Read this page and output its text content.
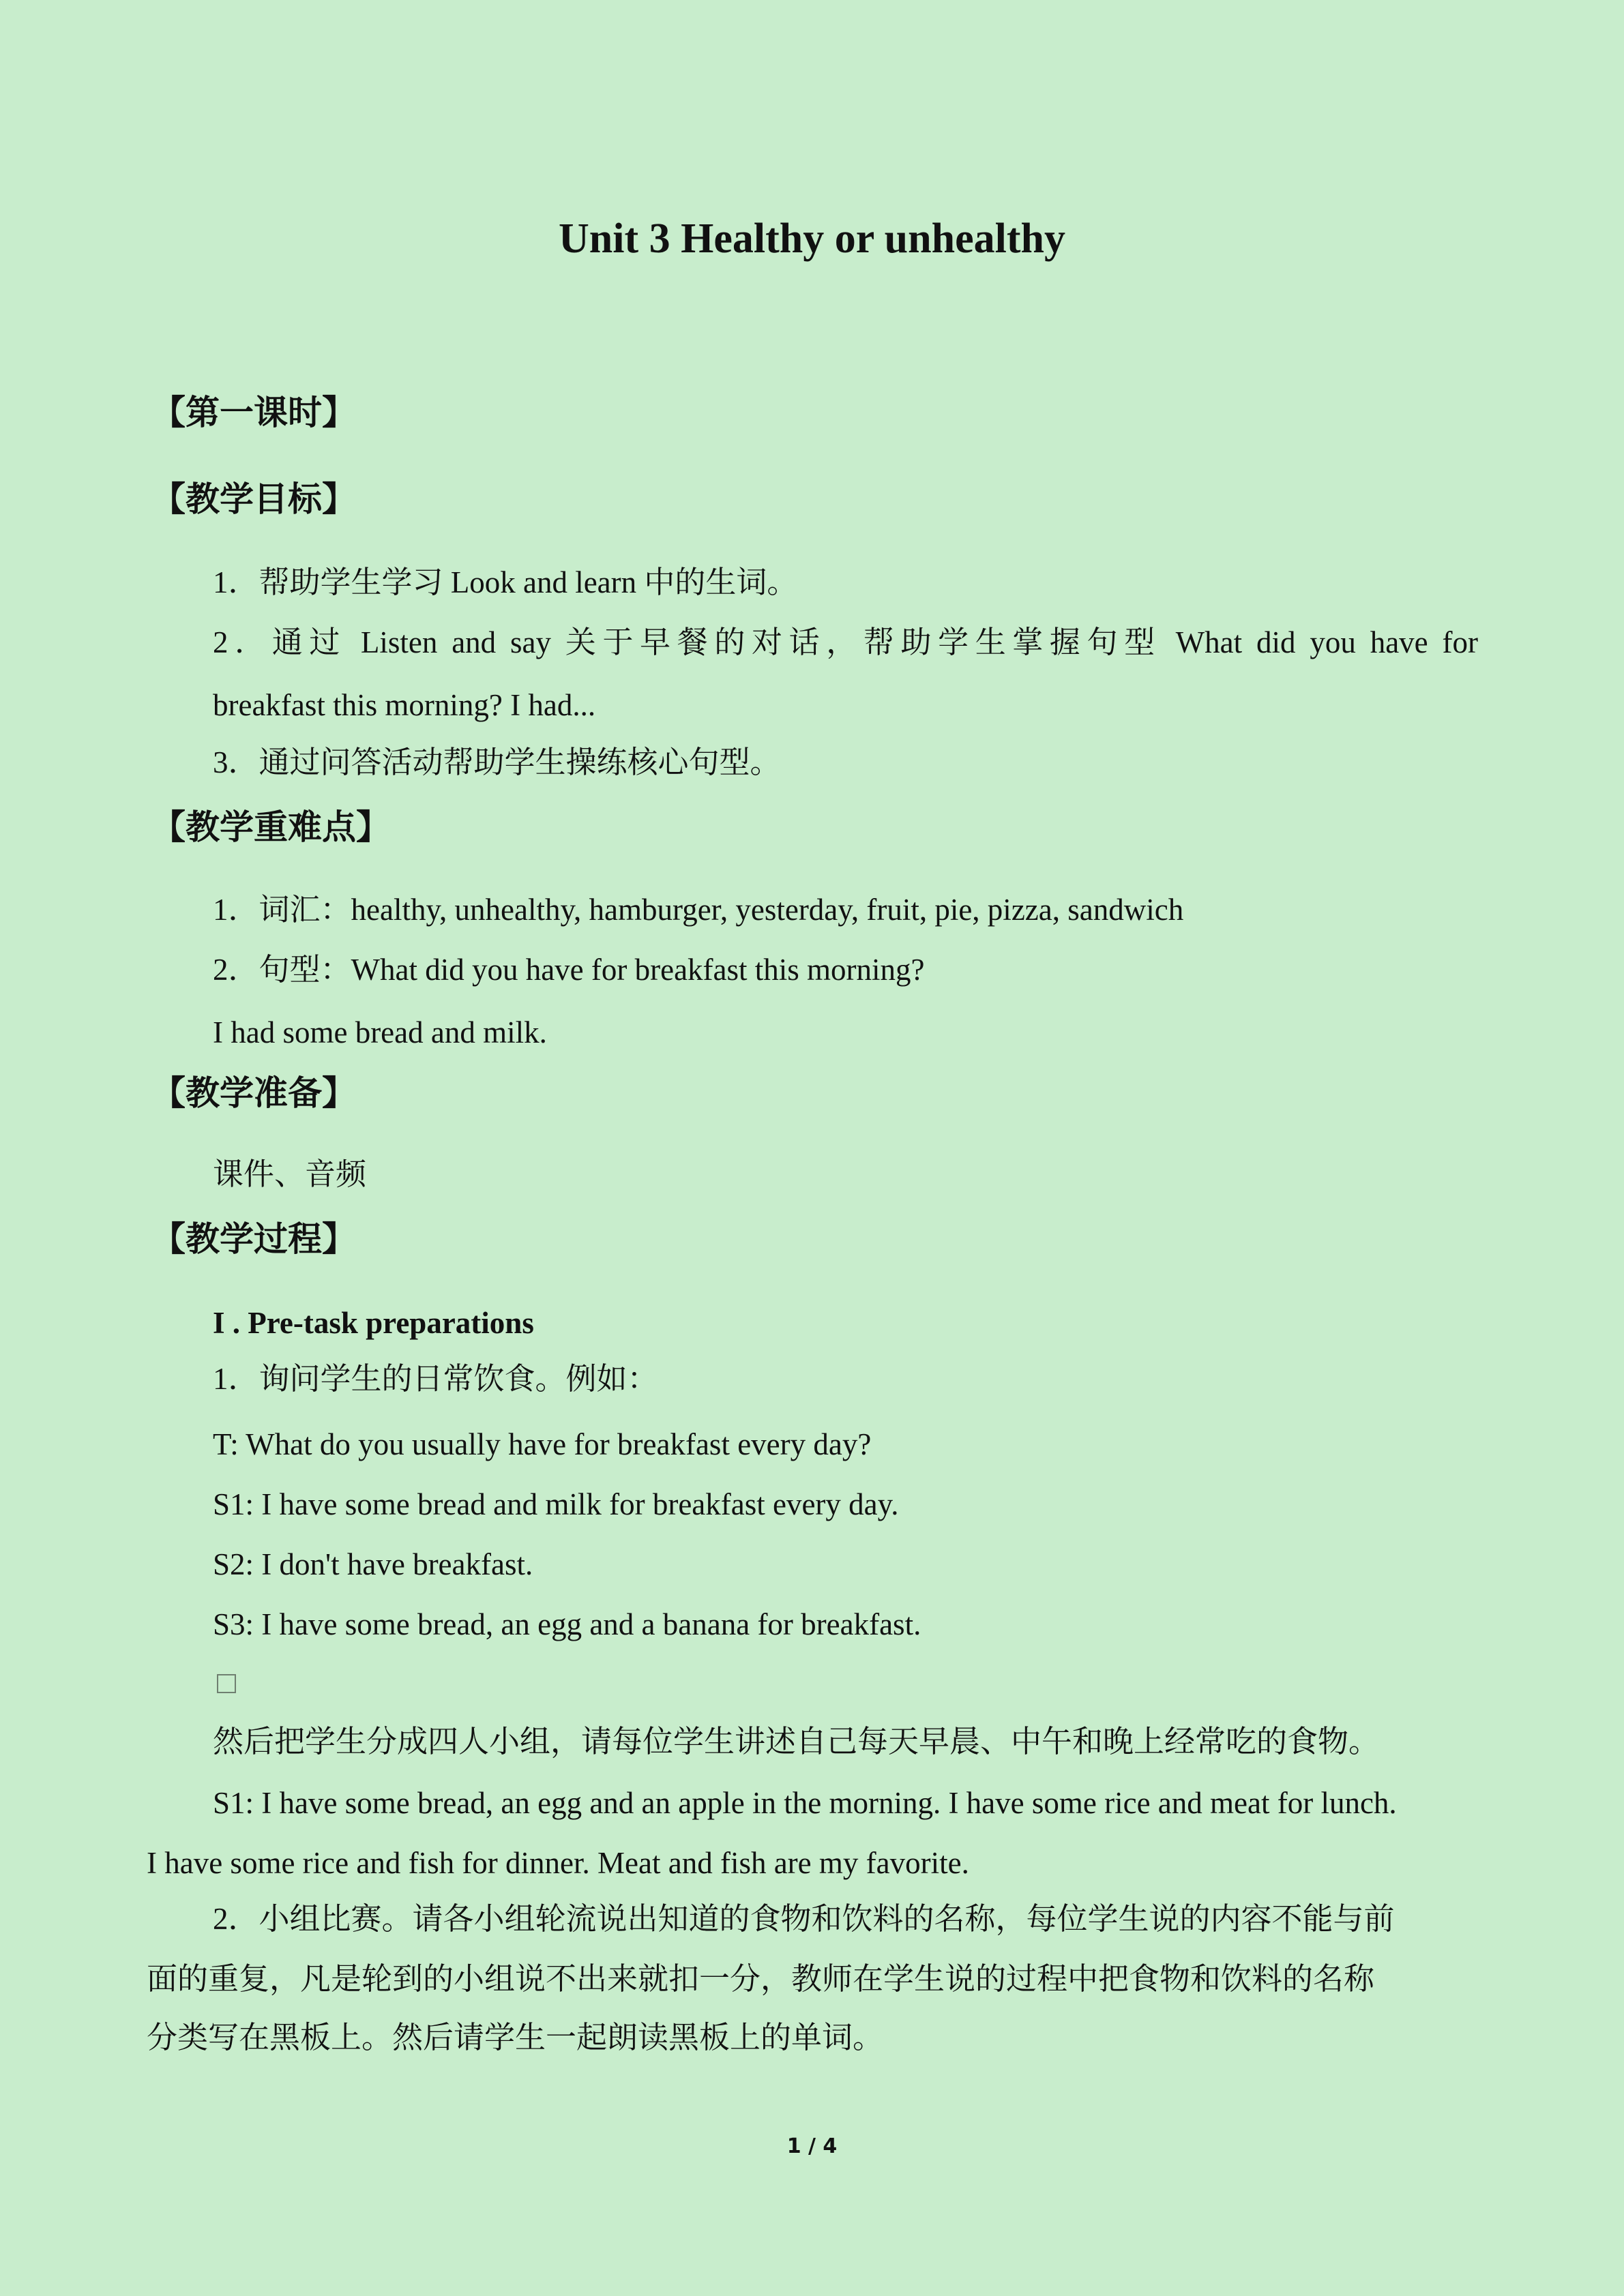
Unit 3 Healthy or unhealthy
【第一课时】
【教学目标】
1．帮助学生学习 Look and learn 中的生词。
2．通过 Listen and say 关于早餐的对话，帮助学生掌握句型 What did you have for
breakfast this morning? I had...
3．通过问答活动帮助学生操练核心句型。
【教学重难点】
1．词汇：healthy, unhealthy, hamburger, yesterday, fruit, pie, pizza, sandwich
2．句型：What did you have for breakfast this morning?
I had some bread and milk.
【教学准备】
课件、音频
【教学过程】
I . Pre-task preparations
1．询问学生的日常饮食。例如：
T: What do you usually have for breakfast every day?
S1: I have some bread and milk for breakfast every day.
S2: I don't have breakfast.
S3: I have some bread, an egg and a banana for breakfast.
然后把学生分成四人小组，请每位学生讲述自己每天早晨、中午和晚上经常吃的食物。
S1: I have some bread, an egg and an apple in the morning. I have some rice and meat for lunch.
I have some rice and fish for dinner. Meat and fish are my favorite.
2．小组比赛。请各小组轮流说出知道的食物和饮料的名称，每位学生说的内容不能与前
面的重复，凡是轮到的小组说不出来就扣一分，教师在学生说的过程中把食物和饮料的名称
分类写在黑板上。然后请学生一起朗读黑板上的单词。
1 / 4
